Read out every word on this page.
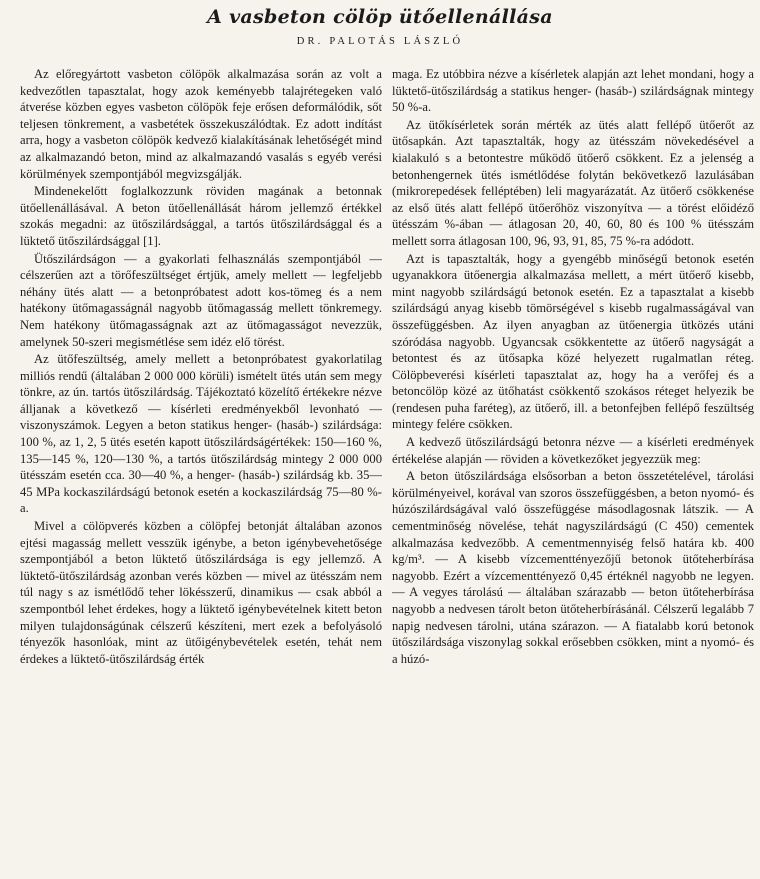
A vasbeton cölöp ütőellenállása
DR. PALOTÁS LÁSZLÓ

Az előregyártott vasbeton cölöpök alkalmazása során az volt a kedvezőtlen tapasztalat, hogy azok keményebb talajrétegeken való átverése közben egyes vasbeton cölöpök feje erősen deformálódik, sőt teljesen tönkrement, a vasbetétek összekuszálódtak. Ez adott indítást arra, hogy a vasbeton cölöpök kedvező kialakításának lehetőségét mind az alkalmazandó beton, mind az alkalmazandó vasalás s egyéb verési körülmények szempontjából megvizsgálják.

Mindenekelőtt foglalkozzunk röviden magának a betonnak ütőellenállásával. A beton ütőellenállását három jellemző értékkel szokás megadni: az ütőszilárdsággal, a tartós ütőszilárdsággal és a lüktető ütőszilárdsággal [1].

Ütőszilárdságon — a gyakorlati felhasználás szempontjából — célszerűen azt a törőfeszültséget értjük, amely mellett — legfeljebb néhány ütés alatt — a betonpróbatest adott kos-tömeg és a nem hatékony ütőmagasságnál nagyobb ütőmagasság mellett tönkremegy. Nem hatékony ütőmagasságnak azt az ütőmagasságot nevezzük, amelynek 50-szeri megismétlése sem idéz elő törést.

Az ütőfeszültség, amely mellett a betonpróbatest gyakorlatilag milliós rendű (általában 2 000 000 körüli) ismételt ütés után sem megy tönkre, az ún. tartós ütőszilárdság. Tájékoztató közelítő értékekre nézve álljanak a következő — kísérleti eredményekből levonható — viszonyszámok. Legyen a beton statikus henger- (hasáb-) szilárdsága: 100 %, az 1, 2, 5 ütés esetén kapott ütőszilárdságértékek: 150—160 %, 135—145 %, 120—130 %, a tartós ütőszilárdság mintegy 2 000 000 ütésszám esetén cca. 30—40 %, a henger- (hasáb-) szilárdság kb. 35—45 MPa kockaszilárdságú betonok esetén a kockaszilárdság 75—80 %-a.

Mivel a cölöpverés közben a cölöpfej betonját általában azonos ejtési magasság mellett vesszük igénybe, a beton igénybevehetősége szempontjából a beton lüktető ütőszilárdsága is egy jellemző. A lüktető-ütőszilárdság azonban verés közben — mivel az ütésszám nem túl nagy s az ismétlődő teher lökésszerű, dinamikus — csak abból a szempontból lehet érdekes, hogy a lüktető igénybevételnek kitett beton milyen tulajdonságúnak célszerű készíteni, mert ezek a befolyásoló tényezők hasonlóak, mint az ütőigénybevételek esetén, tehát nem érdekes a lüktető-ütőszilárdság érték

maga. Ez utóbbira nézve a kísérletek alapján azt lehet mondani, hogy a lüktető-ütőszilárdság a statikus henger- (hasáb-) szilárdságnak mintegy 50 %-a.

Az ütőkísérletek során mérték az ütés alatt fellépő ütőerőt az ütősapkán. Azt tapasztalták, hogy az ütésszám növekedésével a kialakuló s a betontestre működő ütőerő csökkent. Ez a jelenség a betonhengernek ütés ismétlődése folytán bekövetkező lazulásában (mikrorepedések felléptében) leli magyarázatát. Az ütőerő csökkenése az első ütés alatt fellépő ütőerőhöz viszonyítva — a törést előidéző ütésszám %-ában — átlagosan 20, 40, 60, 80 és 100 % ütésszám mellett sorra átlagosan 100, 96, 93, 91, 85, 75 %-ra adódott.

Azt is tapasztalták, hogy a gyengébb minőségű betonok esetén ugyanakkora ütőenergia alkalmazása mellett, a mért ütőerő kisebb, mint nagyobb szilárdságú betonok esetén. Ez a tapasztalat a kisebb szilárdságú anyag kisebb tömörségével s kisebb rugalmasságával van összefüggésben. Az ilyen anyagban az ütőenergia ütközés utáni szóródása nagyobb. Ugyancsak csökkentette az ütőerő nagyságát a betontest és az ütősapka közé helyezett rugalmatlan réteg. Cölöpbeverési kísérleti tapasztalat az, hogy ha a verőfej és a betoncölöp közé az ütőhatást csökkentő szokásos réteget helyezik be (rendesen puha faréteg), az ütőerő, ill. a betonfejben fellépő feszültség mintegy felére csökken.

A kedvező ütőszilárdságú betonra nézve — a kísérleti eredmények értékelése alapján — röviden a következőket jegyezzük meg:

A beton ütőszilárdsága elsősorban a beton összetételével, tárolási körülményeivel, korával van szoros összefüggésben, a beton nyomó- és húzószilárdságával való összefüggése másodlagosnak látszik. — A cementminőség növelése, tehát nagyszilárdságú (C 450) cementek alkalmazása kedvezőbb. A cementmennyiség felső határa kb. 400 kg/m³. — A kisebb vízcementtényezőjű betonok ütőteherbírása nagyobb. Ezért a vízcementtényező 0,45 értéknél nagyobb ne legyen. — A vegyes tárolású — általában szárazabb — beton ütőteherbírása nagyobb a nedvesen tárolt beton ütőteherbírásánál. Célszerű legalább 7 napig nedvesen tárolni, utána szárazon. — A fiatalabb korú betonok ütőszilárdsága viszonylag sokkal erősebben csökken, mint a nyomó- és a húzó-
